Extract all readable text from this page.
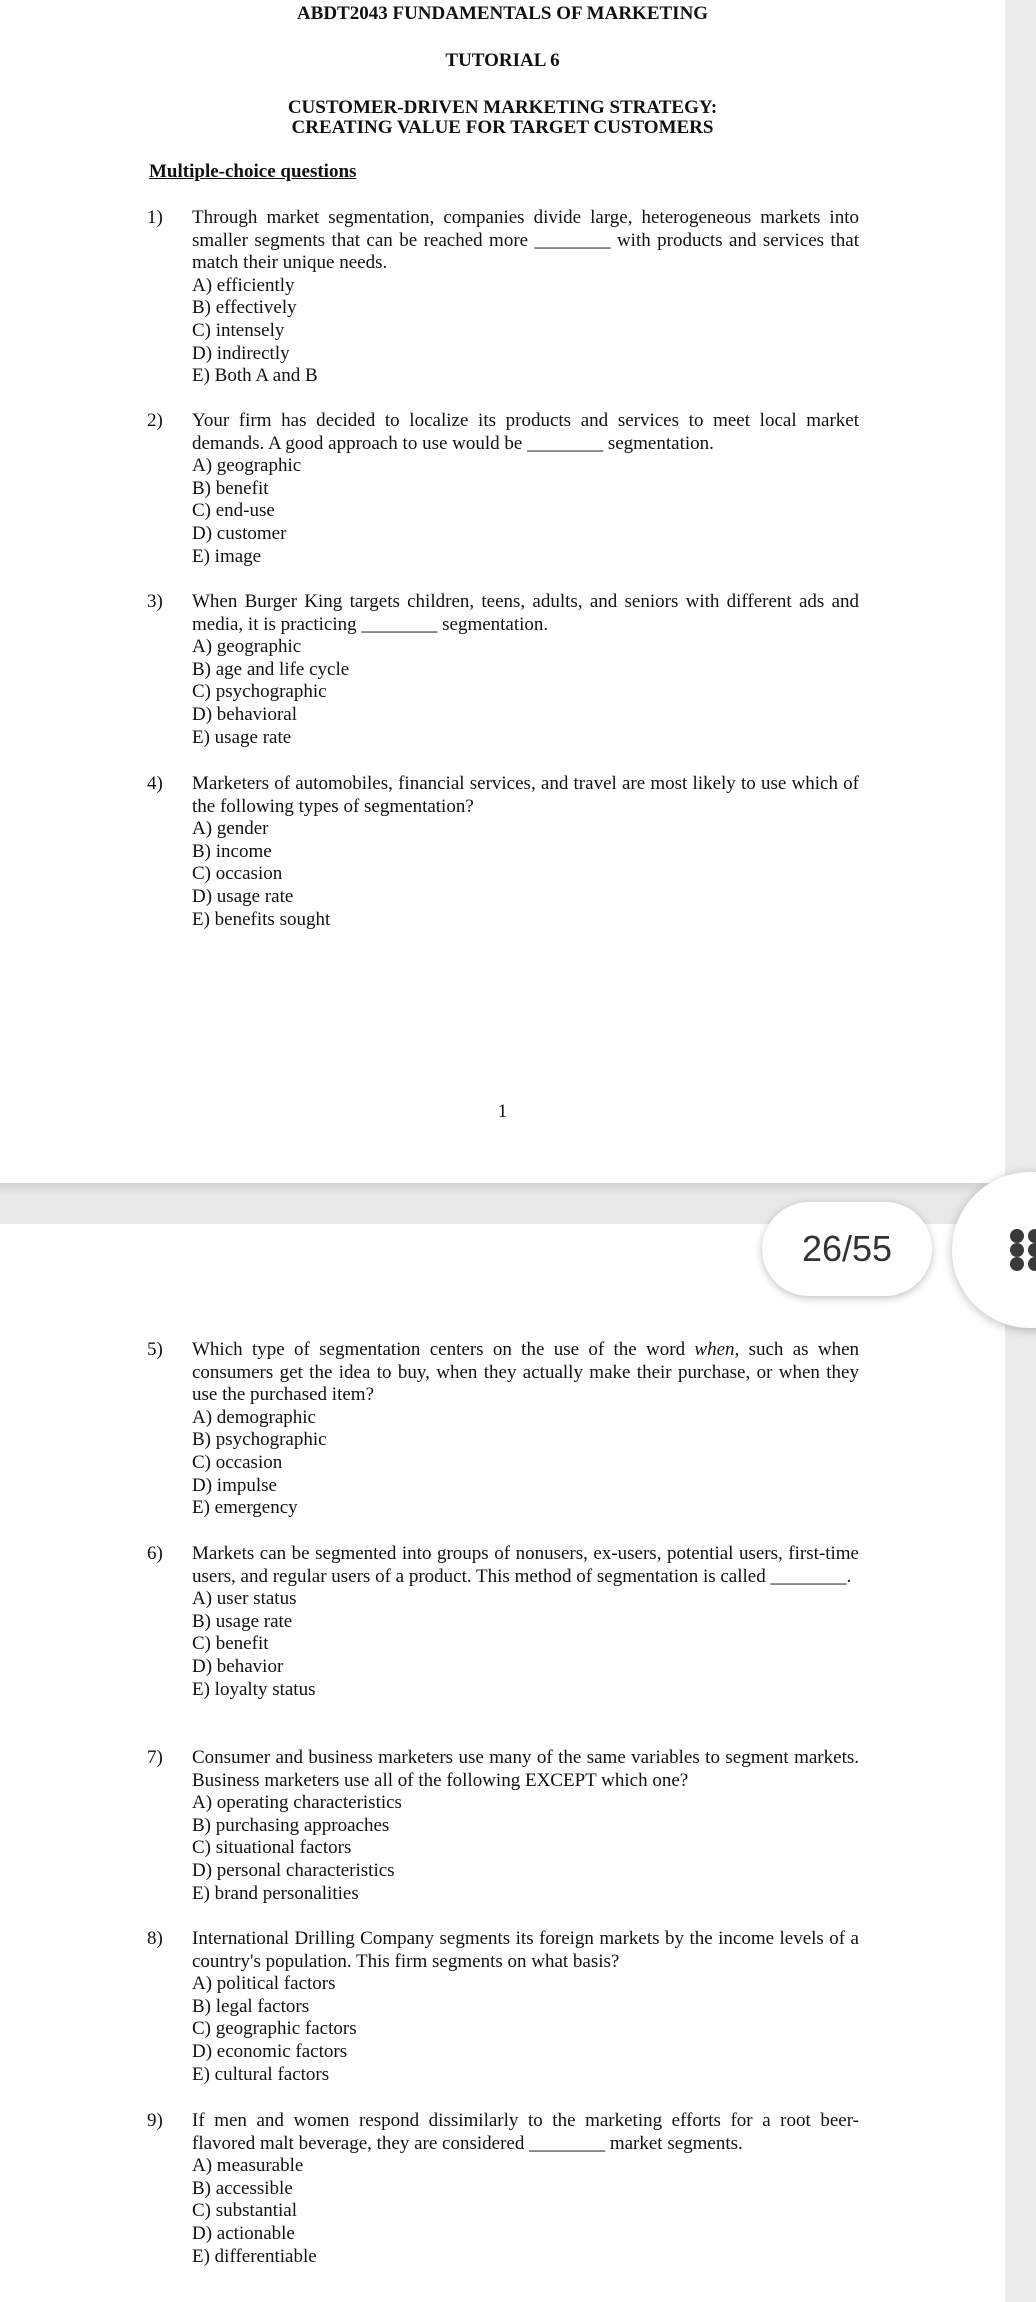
ABDT2043 FUNDAMENTALS OF MARKETING
TUTORIAL 6
CUSTOMER-DRIVEN MARKETING STRATEGY:
CREATING VALUE FOR TARGET CUSTOMERS
Multiple-choice questions
1) Through market segmentation, companies divide large, heterogeneous markets into smaller segments that can be reached more ________ with products and services that match their unique needs.
A) efficiently
B) effectively
C) intensely
D) indirectly
E) Both A and B
2) Your firm has decided to localize its products and services to meet local market demands. A good approach to use would be ________ segmentation.
A) geographic
B) benefit
C) end-use
D) customer
E) image
3) When Burger King targets children, teens, adults, and seniors with different ads and media, it is practicing ________ segmentation.
A) geographic
B) age and life cycle
C) psychographic
D) behavioral
E) usage rate
4) Marketers of automobiles, financial services, and travel are most likely to use which of the following types of segmentation?
A) gender
B) income
C) occasion
D) usage rate
E) benefits sought
1
5) Which type of segmentation centers on the use of the word when, such as when consumers get the idea to buy, when they actually make their purchase, or when they use the purchased item?
A) demographic
B) psychographic
C) occasion
D) impulse
E) emergency
6) Markets can be segmented into groups of nonusers, ex-users, potential users, first-time users, and regular users of a product. This method of segmentation is called ________.
A) user status
B) usage rate
C) benefit
D) behavior
E) loyalty status
7) Consumer and business marketers use many of the same variables to segment markets. Business marketers use all of the following EXCEPT which one?
A) operating characteristics
B) purchasing approaches
C) situational factors
D) personal characteristics
E) brand personalities
8) International Drilling Company segments its foreign markets by the income levels of a country's population. This firm segments on what basis?
A) political factors
B) legal factors
C) geographic factors
D) economic factors
E) cultural factors
9) If men and women respond dissimilarly to the marketing efforts for a root beer-flavored malt beverage, they are considered ________ market segments.
A) measurable
B) accessible
C) substantial
D) actionable
E) differentiable
26/55
